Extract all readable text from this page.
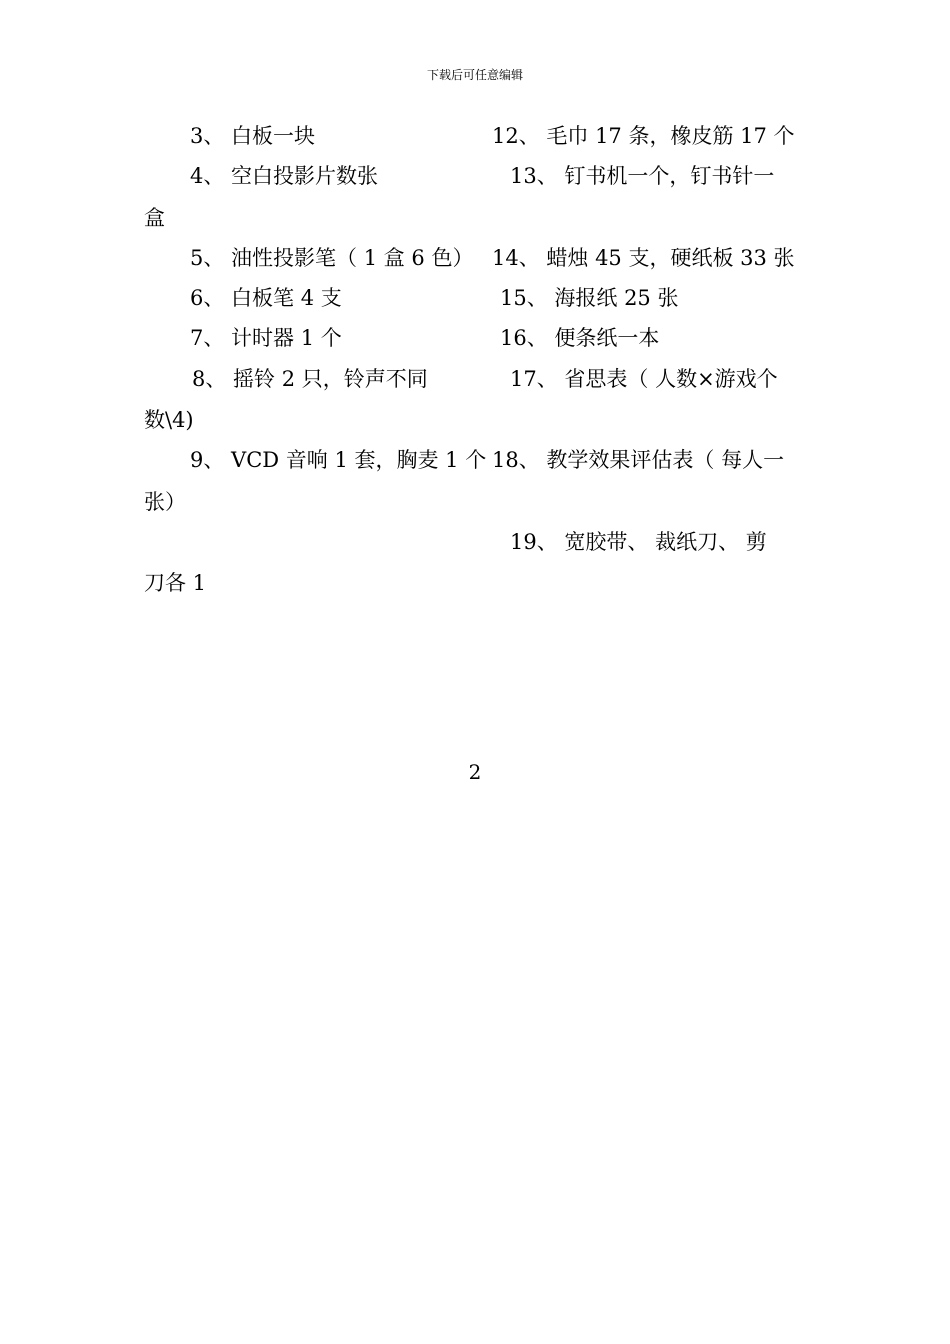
下载后可任意编辑
3、 白板一块	12、 毛巾 17 条，橡皮筋 17 个
4、 空白投影片数张	13、 钉书机一个，钉书针一
盒
5、 油性投影笔（ 1 盒 6 色） 14、 蜡烛 45 支，硬纸板 33 张
6、 白板笔 4 支	15、 海报纸 25 张
7、 计时器 1 个	16、 便条纸一本
8、 摇铃 2 只，铃声不同	17、 省思表（ 人数×游戏个
数\4)
9、 VCD 音响 1 套，胸麦 1 个 18、 教学效果评估表（ 每人一
张）
19、 宽胶带、 裁纸刀、 剪
刀各 1
2
